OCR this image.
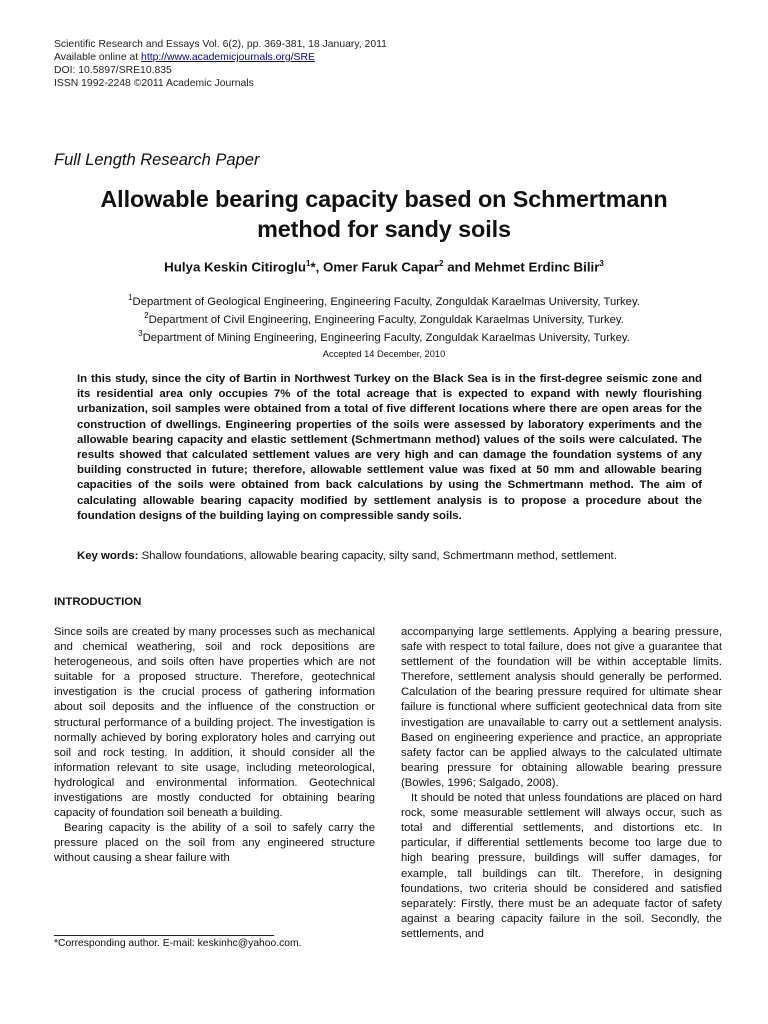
Scientific Research and Essays Vol. 6(2), pp. 369-381, 18 January, 2011
Available online at http://www.academicjournals.org/SRE
DOI: 10.5897/SRE10.835
ISSN 1992-2248 ©2011 Academic Journals
Full Length Research Paper
Allowable bearing capacity based on Schmertmann
method for sandy soils
Hulya Keskin Citiroglu$^1$*, Omer Faruk Capar$^2$ and Mehmet Erdinc Bilir$^3$
$^1$Department of Geological Engineering, Engineering Faculty, Zonguldak Karaelmas University, Turkey.
$^2$Department of Civil Engineering, Engineering Faculty, Zonguldak Karaelmas University, Turkey.
$^3$Department of Mining Engineering, Engineering Faculty, Zonguldak Karaelmas University, Turkey.
Accepted 14 December, 2010
In this study, since the city of Bartin in Northwest Turkey on the Black Sea is in the first-degree seismic zone and its residential area only occupies 7% of the total acreage that is expected to expand with newly flourishing urbanization, soil samples were obtained from a total of five different locations where there are open areas for the construction of dwellings. Engineering properties of the soils were assessed by laboratory experiments and the allowable bearing capacity and elastic settlement (Schmertmann method) values of the soils were calculated. The results showed that calculated settlement values are very high and can damage the foundation systems of any building constructed in future; therefore, allowable settlement value was fixed at 50 mm and allowable bearing capacities of the soils were obtained from back calculations by using the Schmertmann method. The aim of calculating allowable bearing capacity modified by settlement analysis is to propose a procedure about the foundation designs of the building laying on compressible sandy soils.
Key words: Shallow foundations, allowable bearing capacity, silty sand, Schmertmann method, settlement.
INTRODUCTION

Since soils are created by many processes such as mechanical and chemical weathering, soil and rock depositions are heterogeneous, and soils often have properties which are not suitable for a proposed structure. Therefore, geotechnical investigation is the crucial process of gathering information about soil deposits and the influence of the construction or structural performance of a building project. The investigation is normally achieved by boring exploratory holes and carrying out soil and rock testing. In addition, it should consider all the information relevant to site usage, including meteorological, hydrological and environmental information. Geotechnical investigations are mostly conducted for obtaining bearing capacity of foundation soil beneath a building.

Bearing capacity is the ability of a soil to safely carry the pressure placed on the soil from any engineered structure without causing a shear failure with

accompanying large settlements. Applying a bearing pressure, safe with respect to total failure, does not give a guarantee that settlement of the foundation will be within acceptable limits. Therefore, settlement analysis should generally be performed. Calculation of the bearing pressure required for ultimate shear failure is functional where sufficient geotechnical data from site investigation are unavailable to carry out a settlement analysis. Based on engineering experience and practice, an appropriate safety factor can be applied always to the calculated ultimate bearing pressure for obtaining allowable bearing pressure (Bowles, 1996; Salgado, 2008).

It should be noted that unless foundations are placed on hard rock, some measurable settlement will always occur, such as total and differential settlements, and distortions etc. In particular, if differential settlements become too large due to high bearing pressure, buildings will suffer damages, for example, tall buildings can tilt. Therefore, in designing foundations, two criteria should be considered and satisfied separately: Firstly, there must be an adequate factor of safety against a bearing capacity failure in the soil. Secondly, the settlements, and

*Corresponding author. E-mail: keskinhc@yahoo.com.
